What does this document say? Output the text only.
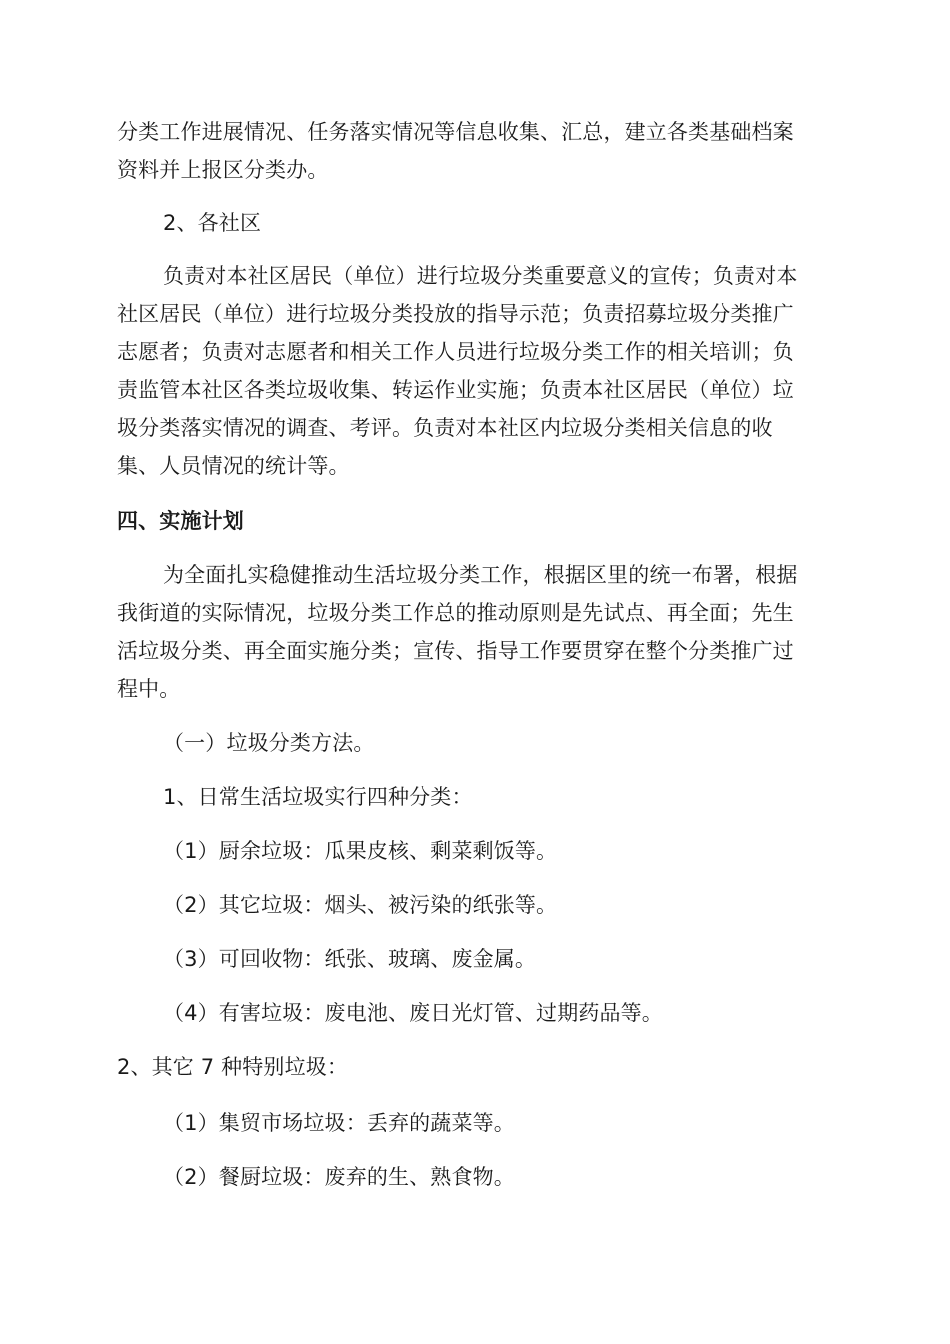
分类工作进展情况、任务落实情况等信息收集、汇总，建立各类基础档案
资料并上报区分类办。
2、各社区
负责对本社区居民（单位）进行垃圾分类重要意义的宣传；负责对本
社区居民（单位）进行垃圾分类投放的指导示范；负责招募垃圾分类推广
志愿者；负责对志愿者和相关工作人员进行垃圾分类工作的相关培训；负
责监管本社区各类垃圾收集、转运作业实施；负责本社区居民（单位）垃
圾分类落实情况的调查、考评。负责对本社区内垃圾分类相关信息的收
集、人员情况的统计等。
四、实施计划
为全面扎实稳健推动生活垃圾分类工作，根据区里的统一布署，根据
我街道的实际情况，垃圾分类工作总的推动原则是先试点、再全面；先生
活垃圾分类、再全面实施分类；宣传、指导工作要贯穿在整个分类推广过
程中。
（一）垃圾分类方法。
1、日常生活垃圾实行四种分类：
（1）厨余垃圾：瓜果皮核、剩菜剩饭等。
（2）其它垃圾：烟头、被污染的纸张等。
（3）可回收物：纸张、玻璃、废金属。
（4）有害垃圾：废电池、废日光灯管、过期药品等。
2、其它 7 种特别垃圾：
（1）集贸市场垃圾：丢弃的蔬菜等。
（2）餐厨垃圾：废弃的生、熟食物。
